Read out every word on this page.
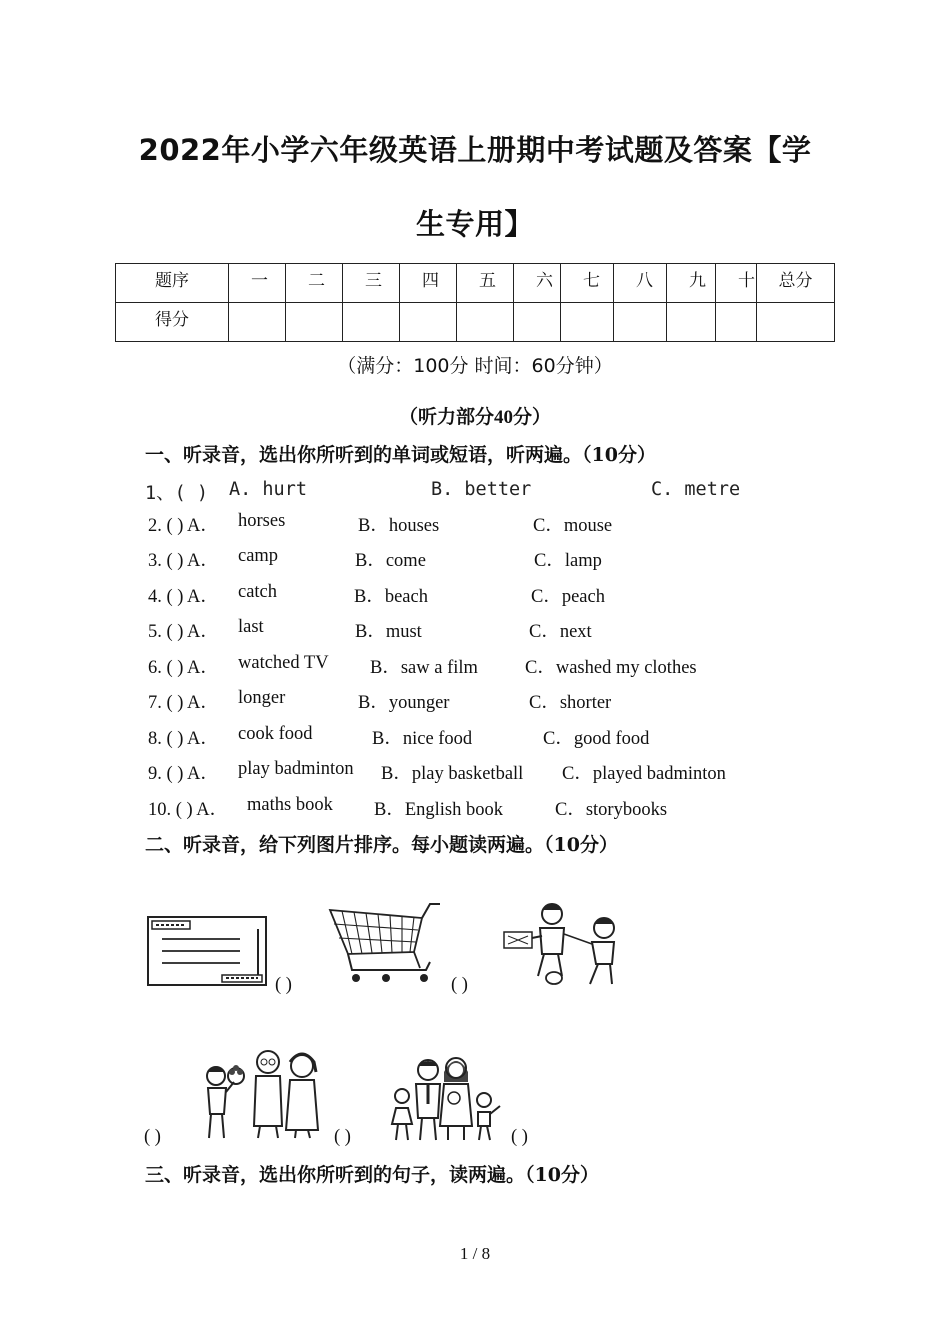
2022年小学六年级英语上册期中考试题及答案【学
生专用】
题序	一	二	三	四	五	六	七	八	九	十	总分
得分											
（满分：100分 时间：60分钟）
（听力部分40分）
一、听录音，选出你所听到的单词或短语，听两遍。（10分）
1、( ) A. hurt	B. better	C. metre
2. ( ) A． horses	B．houses	C．mouse
3. ( ) A． camp	B．come	C．lamp
4. ( ) A． catch	B．beach	C．peach
5. ( ) A． last	B．must	C．next
6. ( ) A． watched TV B．saw a film	C．washed my clothes
7. ( ) A． longer	B．younger	C．shorter
8. ( ) A． cook food	B．nice food	C．good food
9. ( ) A． play badminton B．play basketball C．played badminton
10. ( ) A． maths book B．English book	C．storybooks
二、听录音，给下列图片排序。每小题读两遍。（10分）
( )	( )
( )	( )	( )
三、听录音，选出你所听到的句子，读两遍。（10分）
1 / 8
